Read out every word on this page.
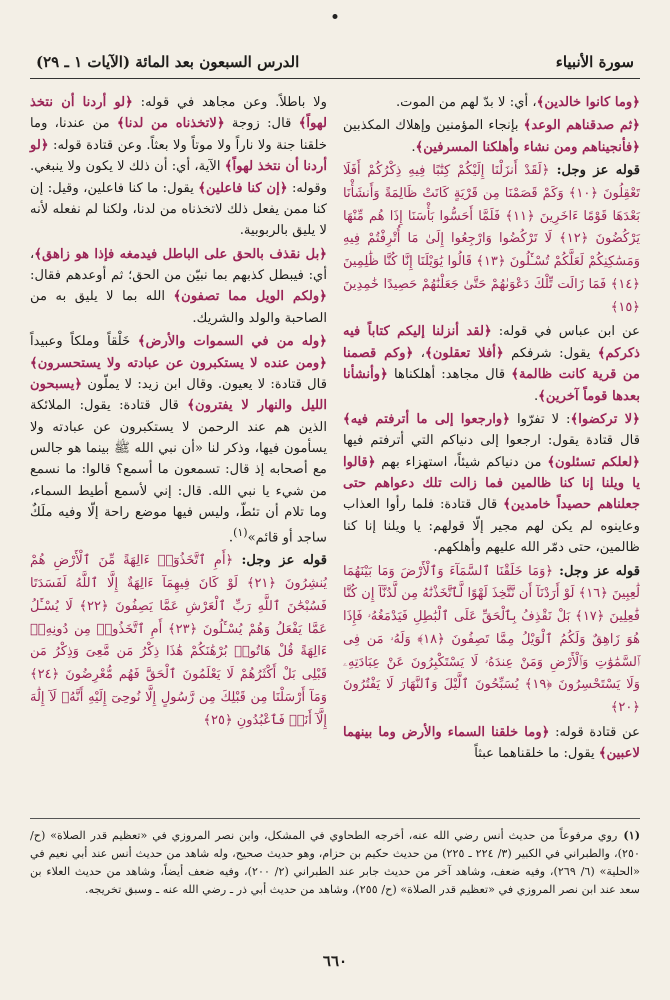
سورة الأنبياء
الدرس السبعون بعد المائة (الآيات ١ ـ ٢٩)

﴿وما كانوا خالدين﴾، أي: لا بدّ لهم من الموت.

﴿ثم صدقناهم الوعد﴾ بإنجاء المؤمنين وإهلاك المكذبين ﴿فأنجيناهم ومن نشاء وأهلكنا المسرفين﴾.

قوله عز وجل: ﴿لَقَدْ أَنزَلْنَا إِلَيْكُمْ كِتَٰبًا فِيهِ ذِكْرُكُمْ أَفَلَا تَعْقِلُونَ ﴿١٠﴾ وَكَمْ قَصَمْنَا مِن قَرْيَةٍ كَانَتْ ظَالِمَةً وَأَنشَأْنَا بَعْدَهَا قَوْمًا ءَاخَرِينَ ﴿١١﴾ فَلَمَّا أَحَسُّوا بَأْسَنَا إِذَا هُم مِّنْهَا يَرْكُضُونَ ﴿١٢﴾ لَا تَرْكُضُوا وَارْجِعُوا إِلَىٰ مَا أُتْرِفْتُمْ فِيهِ وَمَسَٰكِنِكُمْ لَعَلَّكُمْ تُسْـَٔلُونَ ﴿١٣﴾ قَالُوا يَٰوَيْلَنَا إِنَّا كُنَّا ظَٰلِمِينَ ﴿١٤﴾ فَمَا زَالَت تِّلْكَ دَعْوَىٰهُمْ حَتَّىٰ جَعَلْنَٰهُمْ حَصِيدًا خَٰمِدِينَ ﴿١٥﴾

عن ابن عباس في قوله: ﴿لقد أنزلنا إليكم كتاباً فيه ذكركم﴾ يقول: شرفكم ﴿أفلا تعقلون﴾، ﴿وكم قصمنا من قرية كانت ظالمة﴾ قال مجاهد: أهلكناها ﴿وأنشأنا بعدها قوماً آخرين﴾.

﴿لا تركضوا﴾: لا تفرّوا ﴿وارجعوا إلى ما أترفتم فيه﴾ قال قتادة يقول: ارجعوا إلى دنياكم التي أترفتم فيها ﴿لعلكم تسئلون﴾ من دنياكم شيئاً، استهزاء بهم ﴿قالوا يا ويلنا إنا كنا ظالمين فما زالت تلك دعواهم حتى جعلناهم حصيداً خامدين﴾ قال قتادة: فلما رأوا العذاب وعاينوه لم يكن لهم مجير إلّا قولهم: يا ويلنا إنا كنا ظالمين، حتى دمّر الله عليهم وأهلكهم.

قوله عز وجل: ﴿وَمَا خَلَقْنَا ٱلسَّمَآءَ وَٱلْأَرْضَ وَمَا بَيْنَهُمَا لَٰعِبِينَ ﴿١٦﴾ لَوْ أَرَدْنَآ أَن نَّتَّخِذَ لَهْوًا لَّٱتَّخَذْنَٰهُ مِن لَّدُنَّآ إِن كُنَّا فَٰعِلِينَ ﴿١٧﴾ بَلْ نَقْذِفُ بِٱلْحَقِّ عَلَى ٱلْبَٰطِلِ فَيَدْمَغُهُۥ فَإِذَا هُوَ زَاهِقٌ وَلَكُمُ ٱلْوَيْلُ مِمَّا تَصِفُونَ ﴿١٨﴾ وَلَهُۥ مَن فِى ٱلسَّمَٰوَٰتِ وَٱلْأَرْضِ وَمَنْ عِندَهُۥ لَا يَسْتَكْبِرُونَ عَنْ عِبَادَتِهِۦ وَلَا يَسْتَحْسِرُونَ ﴿١٩﴾ يُسَبِّحُونَ ٱلَّيْلَ وَٱلنَّهَارَ لَا يَفْتُرُونَ ﴿٢٠﴾

عن قتادة قوله: ﴿وما خلقنا السماء والأرض وما بينهما لاعبين﴾ يقول: ما خلقناهما عبثاً

ولا باطلاً. وعن مجاهد في قوله: ﴿لو أردنا أن نتخذ لهواً﴾ قال: زوجة ﴿لاتخذناه من لدنا﴾ من عندنا، وما خلقنا جنة ولا ناراً ولا موتاً ولا بعثاً. وعن قتادة قوله: ﴿لو أردنا أن نتخذ لهواً﴾ الآية، أي: أن ذلك لا يكون ولا ينبغي. وقوله: ﴿إن كنا فاعلين﴾ يقول: ما كنا فاعلين، وقيل: إن كنا ممن يفعل ذلك لاتخذناه من لدنا، ولكنا لم نفعله لأنه لا يليق بالربوبية.

﴿بل نقذف بالحق على الباطل فيدمغه فإذا هو زاهق﴾، أي: فيبطل كذبهم بما نبيّن من الحق؛ ثم أوعدهم فقال: ﴿ولكم الويل مما تصفون﴾ الله بما لا يليق به من الصاحبة والولد والشريك.

﴿وله من في السموات والأرض﴾ خَلْقاً وملكاً وعبيداً ﴿ومن عنده لا يستكبرون عن عبادته ولا يستحسرون﴾ قال قتادة: لا يعيون. وقال ابن زيد: لا يملّون ﴿يسبحون الليل والنهار لا يفترون﴾ قال قتادة: يقول: الملائكة الذين هم عند الرحمن لا يستكبرون عن عبادته ولا يسأمون فيها، وذكر لنا «أن نبي الله ﷺ بينما هو جالس مع أصحابه إذ قال: تسمعون ما أسمع؟ قالوا: ما نسمع من شيء يا نبي الله. قال: إني لأسمع أطيط السماء، وما تلام أن تئطّ، وليس فيها موضع راحة إلّا وفيه ملَكٌ ساجد أو قائم»$^{(١)}$.

قوله عز وجل: ﴿أَمِ ٱتَّخَذُوٓا۟ ءَالِهَةً مِّنَ ٱلْأَرْضِ هُمْ يُنشِرُونَ ﴿٢١﴾ لَوْ كَانَ فِيهِمَآ ءَالِهَةٌ إِلَّا ٱللَّهُ لَفَسَدَتَا فَسُبْحَٰنَ ٱللَّهِ رَبِّ ٱلْعَرْشِ عَمَّا يَصِفُونَ ﴿٢٢﴾ لَا يُسْـَٔلُ عَمَّا يَفْعَلُ وَهُمْ يُسْـَٔلُونَ ﴿٢٣﴾ أَمِ ٱتَّخَذُوا۟ مِن دُونِهِۦٓ ءَالِهَةً قُلْ هَاتُوا۟ بُرْهَٰنَكُمْ هَٰذَا ذِكْرُ مَن مَّعِىَ وَذِكْرُ مَن قَبْلِى بَلْ أَكْثَرُهُمْ لَا يَعْلَمُونَ ٱلْحَقَّ فَهُم مُّعْرِضُونَ ﴿٢٤﴾ وَمَآ أَرْسَلْنَا مِن قَبْلِكَ مِن رَّسُولٍ إِلَّا نُوحِىٓ إِلَيْهِ أَنَّهُۥ لَآ إِلَٰهَ إِلَّآ أَنَا۠ فَٱعْبُدُونِ ﴿٢٥﴾

(١)روي مرفوعاً من حديث أنس رضي الله عنه، أخرجه الطحاوي في المشكل، وابن نصر المروزي في «تعظيم قدر الصلاة» (ح/ ٢٥٠)، والطبراني في الكبير (٣/ ٢٢٤ ـ ٢٢٥) من حديث حكيم بن حزام، وهو حديث صحيح، وله شاهد من حديث أنس عند أبي نعيم في «الحلية» (٦/ ٢٦٩)، وفيه ضعف، وشاهد آخر من حديث جابر عند الطبراني (٢/ ٢٠٠)، وفيه ضعف أيضاً، وشاهد من حديث العلاء بن سعد عند ابن نصر المروزي في «تعظيم قدر الصلاة» (ح/ ٢٥٥)، وشاهد من حديث أبي ذر ـ رضي الله عنه ـ وسبق تخريجه.
٦٦٠
